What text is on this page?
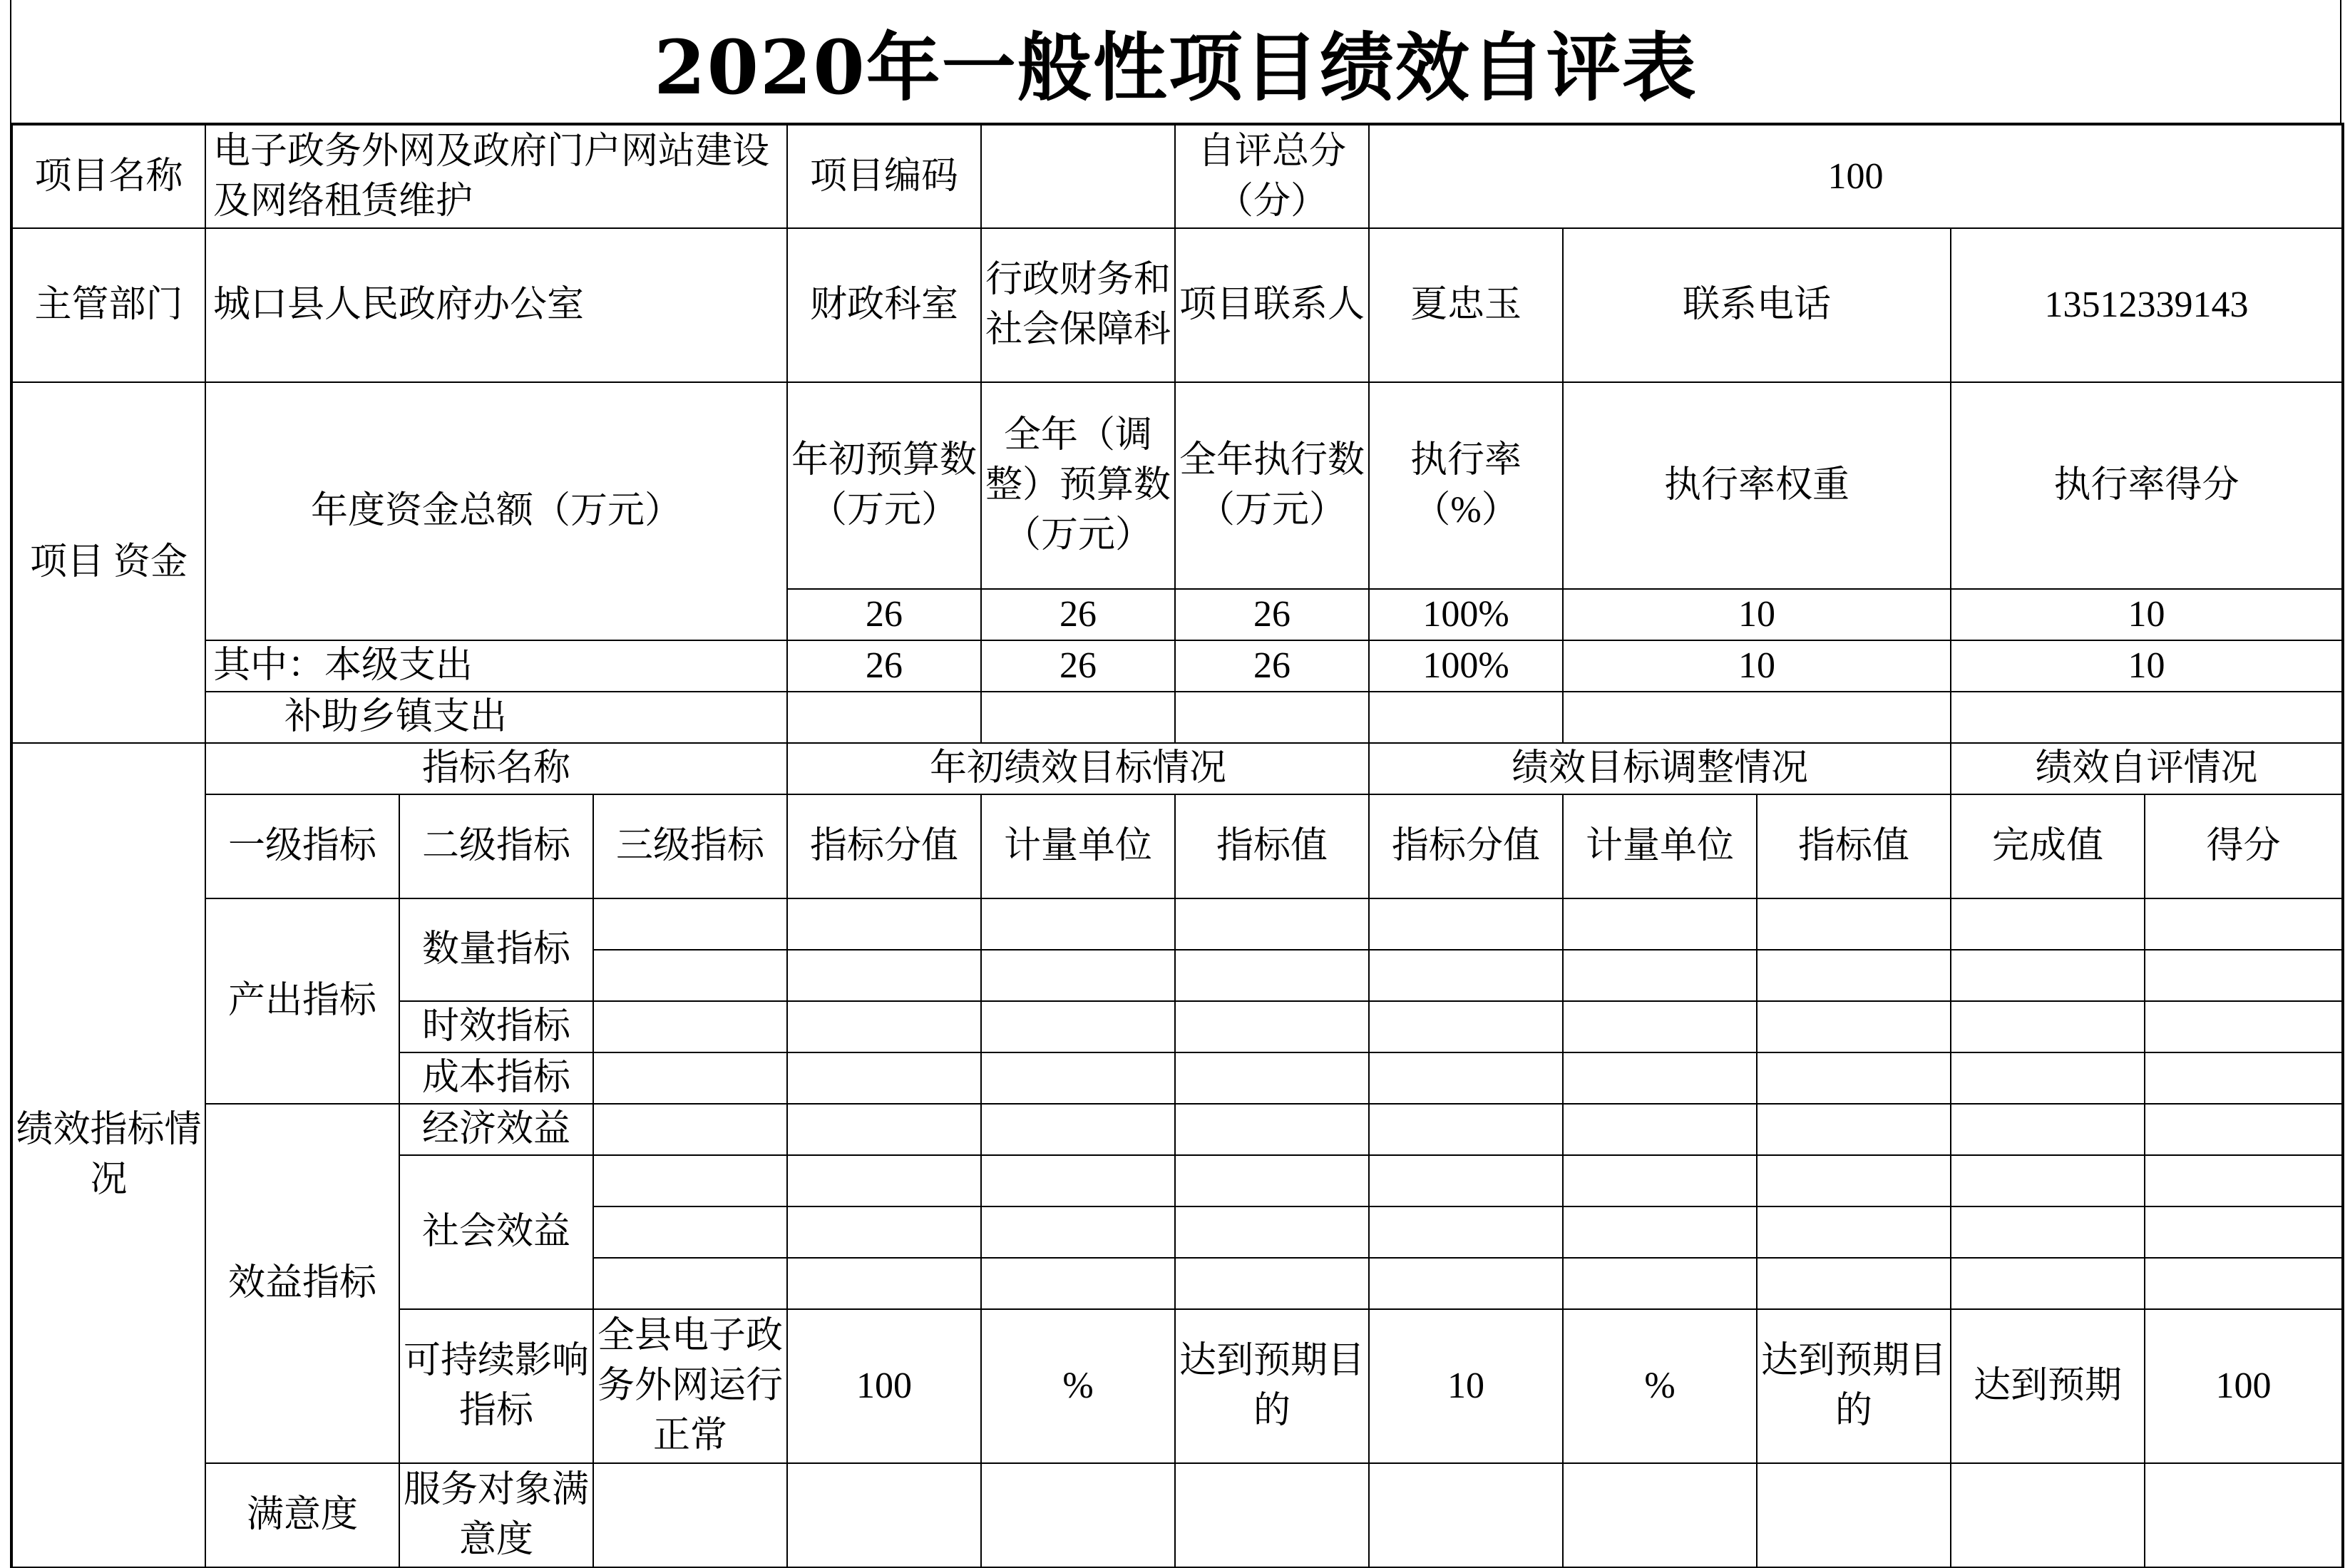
2020年一般性项目绩效自评表
项目名称	电子政务外网及政府门户网站建设及网络租赁维护			项目编码		自评总分（分）	100				
主管部门	城口县人民政府办公室			财政科室	行政财务和社会保障科	项目联系人	夏忠玉	联系电话		13512339143	
项目 资金	年度资金总额（万元）			年初预算数（万元）	全年（调整）预算数（万元）	全年执行数（万元）	执行率（%）	执行率权重		执行率得分	
				26	26	26	100%	10		10	
	其中：本级支出			26	26	26	100%	10		10	
	补助乡镇支出										
绩效指标情况	指标名称			年初绩效目标情况			绩效目标调整情况			绩效自评情况	
	一级指标	二级指标	三级指标	指标分值	计量单位	指标值	指标分值	计量单位	指标值	完成值	得分
	产出指标	数量指标									

		时效指标									
		成本指标									
	效益指标	经济效益									
		社会效益									

		可持续影响指标	全县电子政务外网运行正常	100	%	达到预期目的	10	%	达到预期目的	达到预期	100
	满意度	服务对象满意度									
